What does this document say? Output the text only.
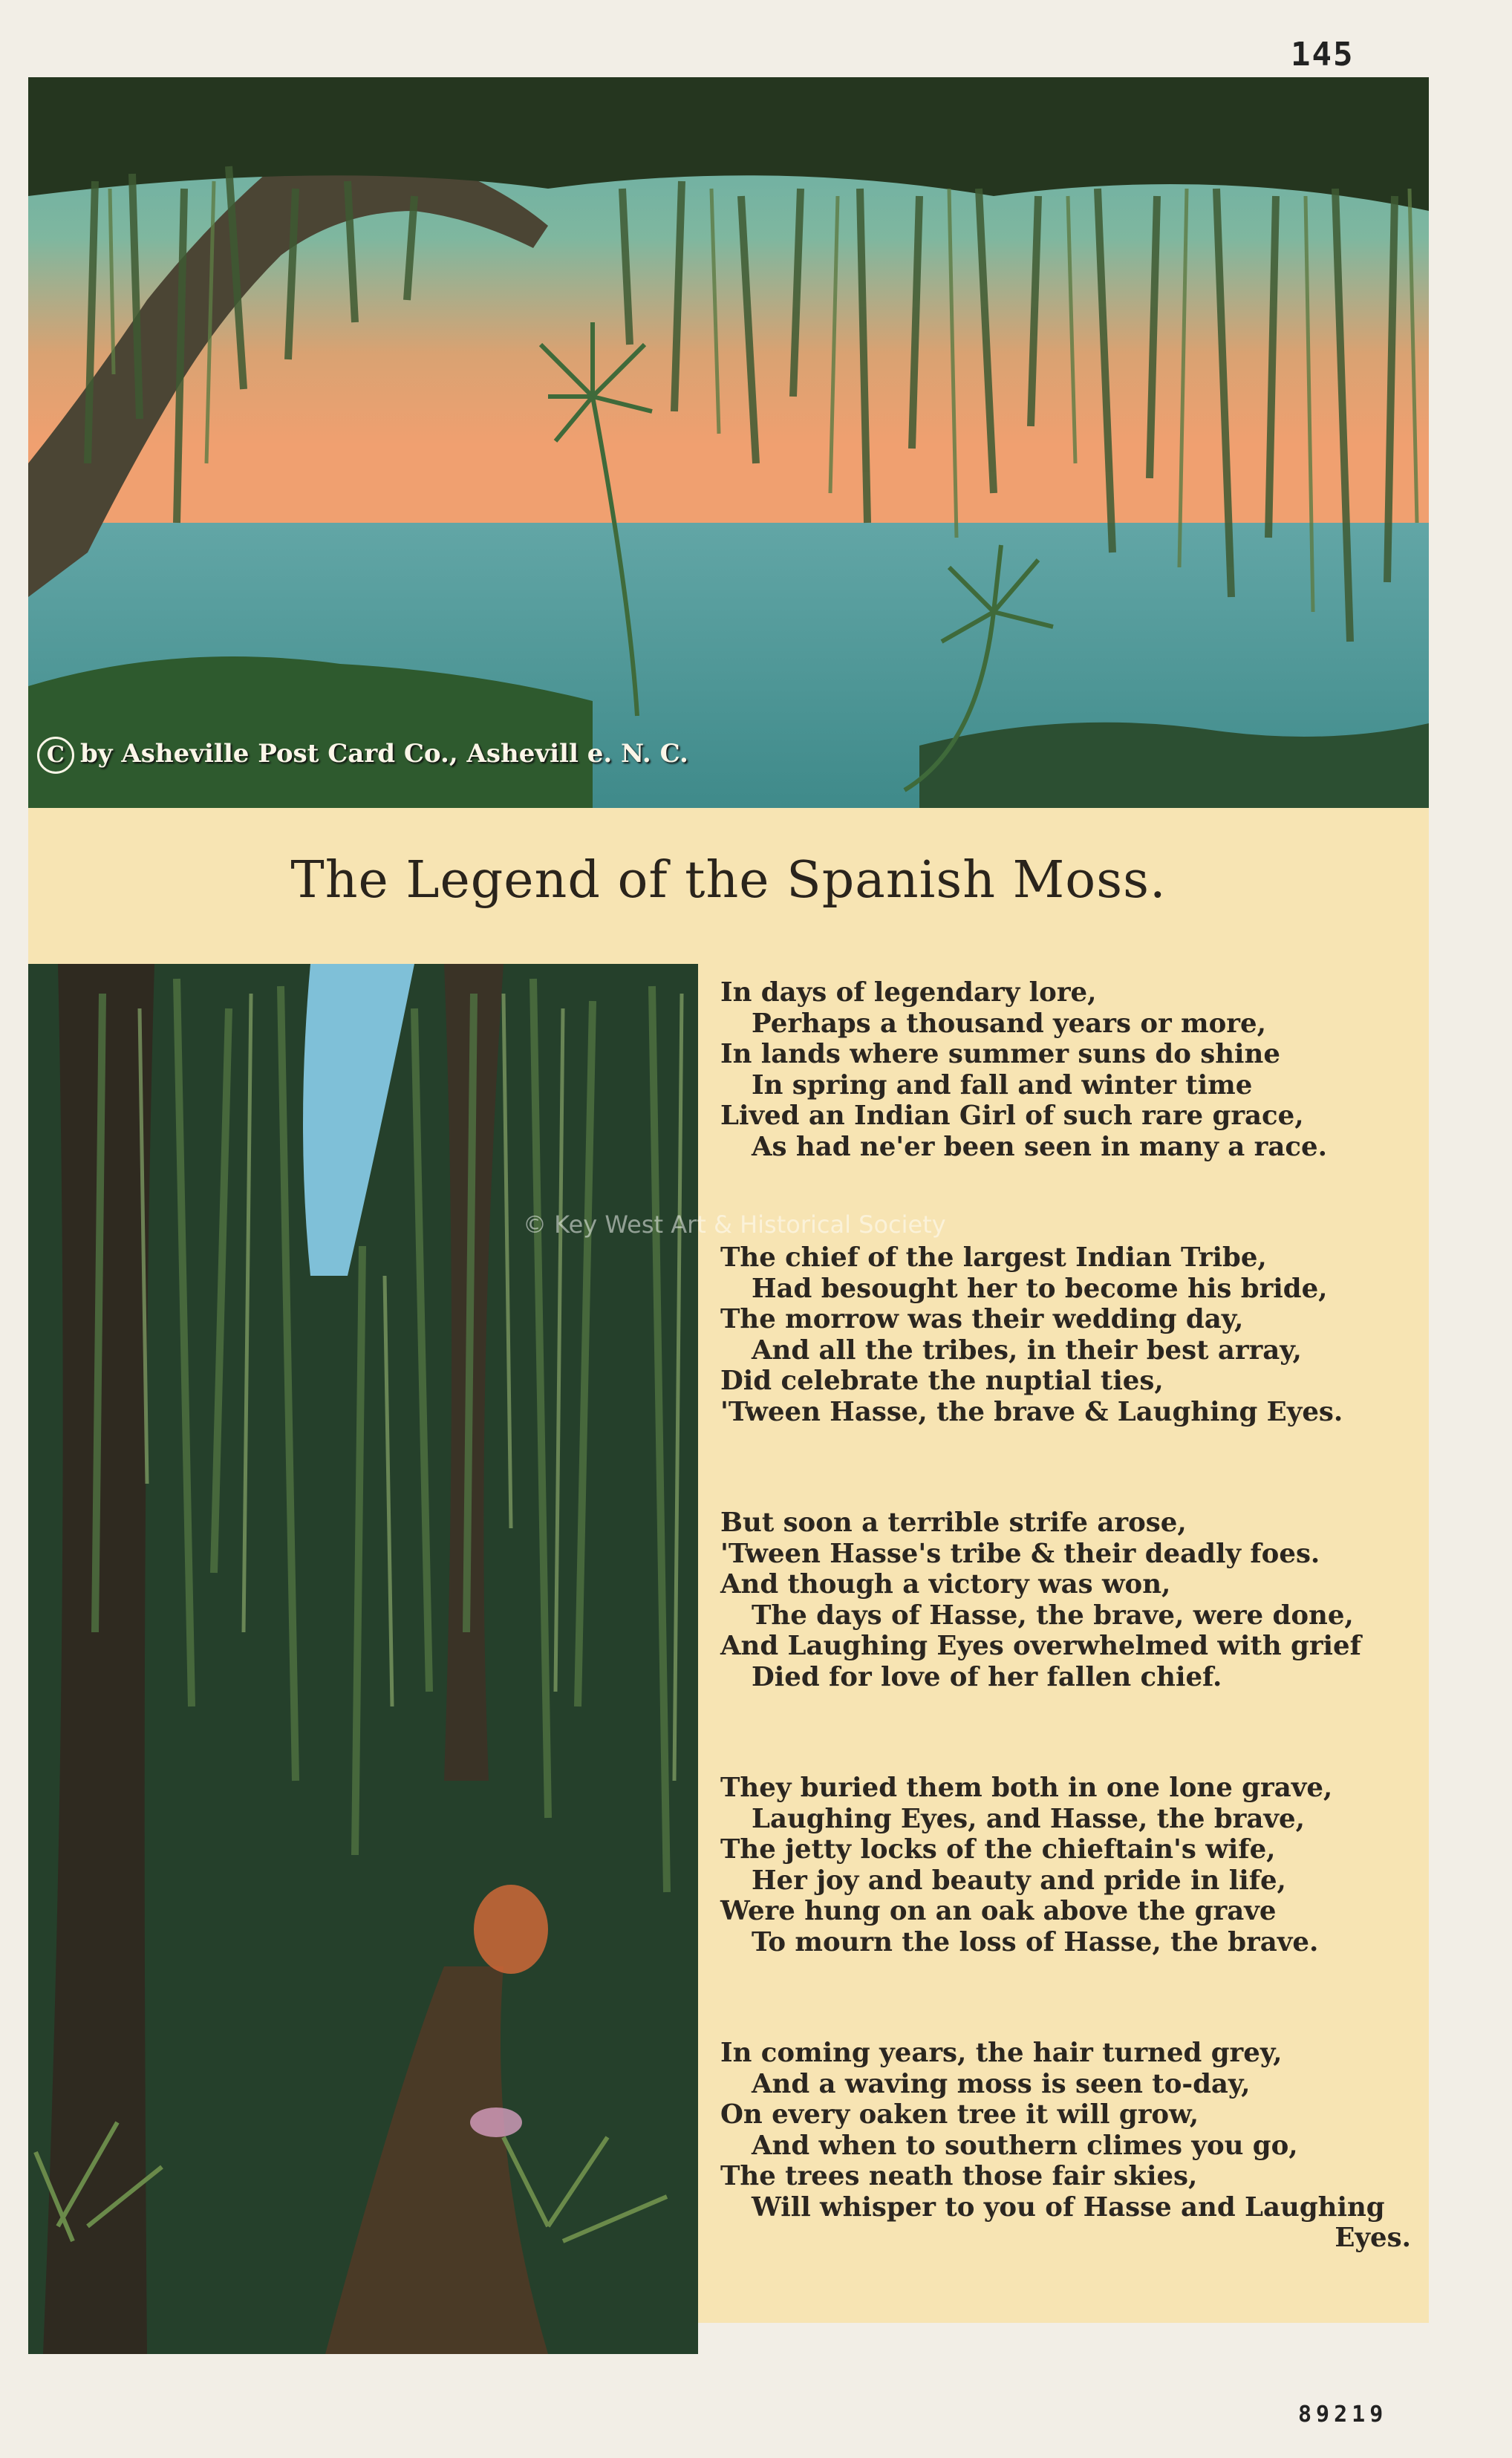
145
C by Asheville Post Card Co., Ashevill e. N. C.
The Legend of the Spanish Moss.
In days of legendary lore,
Perhaps a thousand years or more,
In lands where summer suns do shine
In spring and fall and winter time
Lived an Indian Girl of such rare grace,
As had ne'er been seen in many a race.
The chief of the largest Indian Tribe,
Had besought her to become his bride,
The morrow was their wedding day,
And all the tribes, in their best array,
Did celebrate the nuptial ties,
'Tween Hasse, the brave & Laughing Eyes.
But soon a terrible strife arose,
'Tween Hasse's tribe & their deadly foes.
And though a victory was won,
The days of Hasse, the brave, were done,
And Laughing Eyes overwhelmed with grief
Died for love of her fallen chief.
They buried them both in one lone grave,
Laughing Eyes, and Hasse, the brave,
The jetty locks of the chieftain's wife,
Her joy and beauty and pride in life,
Were hung on an oak above the grave
To mourn the loss of Hasse, the brave.
In coming years, the hair turned grey,
And a waving moss is seen to-day,
On every oaken tree it will grow,
And when to southern climes you go,
The trees neath those fair skies,
Will whisper to you of Hasse and Laughing
Eyes.
© Key West Art & Historical Society
89219
